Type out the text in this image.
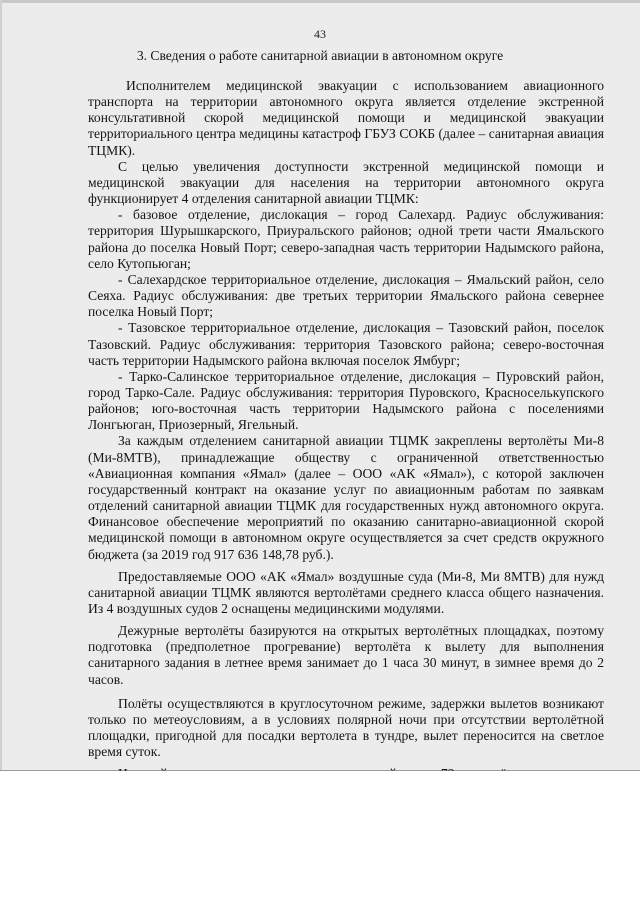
43
3. Сведения о работе санитарной авиации в автономном округе

Исполнителем медицинской эвакуации с использованием авиационного транспорта на территории автономного округа является отделение экстренной консультативной скорой медицинской помощи и медицинской эвакуации территориального центра медицины катастроф ГБУЗ СОКБ (далее – санитарная авиация ТЦМК).

С целью увеличения доступности экстренной медицинской помощи и медицинской эвакуации для населения на территории автономного округа функционирует 4 отделения санитарной авиации ТЦМК:

- базовое отделение, дислокация – город Салехард. Радиус обслуживания: территория Шурышкарского, Приуральского районов; одной трети части Ямальского района до поселка Новый Порт; северо-западная часть территории Надымского района, село Кутопьюган;

- Салехардское территориальное отделение, дислокация – Ямальский район, село Сеяха. Радиус обслуживания: две третьих территории Ямальского района севернее поселка Новый Порт;

- Тазовское территориальное отделение, дислокация – Тазовский район, поселок Тазовский. Радиус обслуживания: территория Тазовского района; северо-восточная часть территории Надымского района включая поселок Ямбург;

- Тарко-Салинское территориальное отделение, дислокация – Пуровский район, город Тарко-Сале. Радиус обслуживания: территория Пуровского, Красноселькупского районов; юго-восточная часть территории Надымского района с поселениями Лонгьюган, Приозерный, Ягельный.

За каждым отделением санитарной авиации ТЦМК закреплены вертолёты Ми-8 (Ми-8МТВ), принадлежащие обществу с ограниченной ответственностью «Авиационная компания «Ямал» (далее – ООО «АК «Ямал»), с которой заключен государственный контракт на оказание услуг по авиационным работам по заявкам отделений санитарной авиации ТЦМК для государственных нужд автономного округа. Финансовое обеспечение мероприятий по оказанию санитарно-авиационной скорой медицинской помощи в автономном округе осуществляется за счет средств окружного бюджета (за 2019 год 917 636 148,78 руб.).

Предоставляемые ООО «АК «Ямал» воздушные суда (Ми-8, Ми 8МТВ) для нужд санитарной авиации ТЦМК являются вертолётами среднего класса общего назначения. Из 4 воздушных судов 2 оснащены медицинскими модулями.

Дежурные вертолёты базируются на открытых вертолётных площадках, поэтому подготовка (предполетное прогревание) вертолёта к вылету для выполнения санитарного задания в летнее время занимает до 1 часа 30 минут, в зимнее время до 2 часов.

Полёты осуществляются в круглосуточном режиме, задержки вылетов возникают только по метеоусловиям, а в условиях полярной ночи при отсутствии вертолётной площадки, пригодной для посадки вертолета в тундре, вылет переносится на светлое время суток.
